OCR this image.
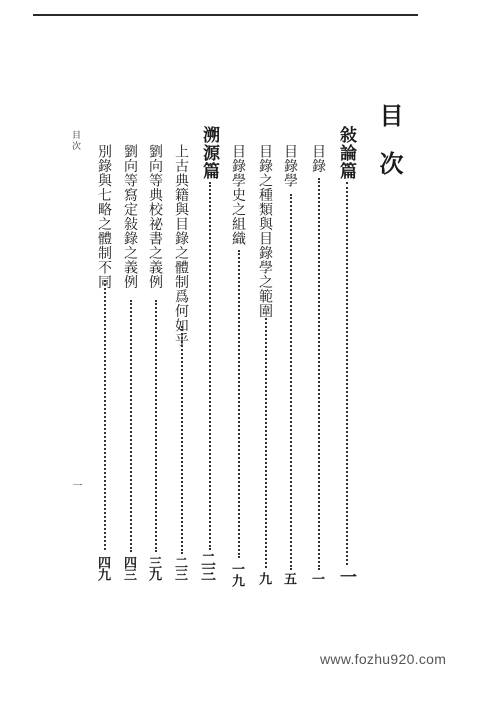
目次
敍論篇
一
目錄
一
目錄學
五
目錄之種類與目錄學之範圍
九
目錄學史之組織
一九
溯源篇
二三
上古典籍與目錄之體制爲何如乎
二三
劉向等典校祕書之義例
三九
劉向等寫定敍錄之義例
四三
別錄與七略之體制不同
四九
目次
一
www.fozhu920.com
